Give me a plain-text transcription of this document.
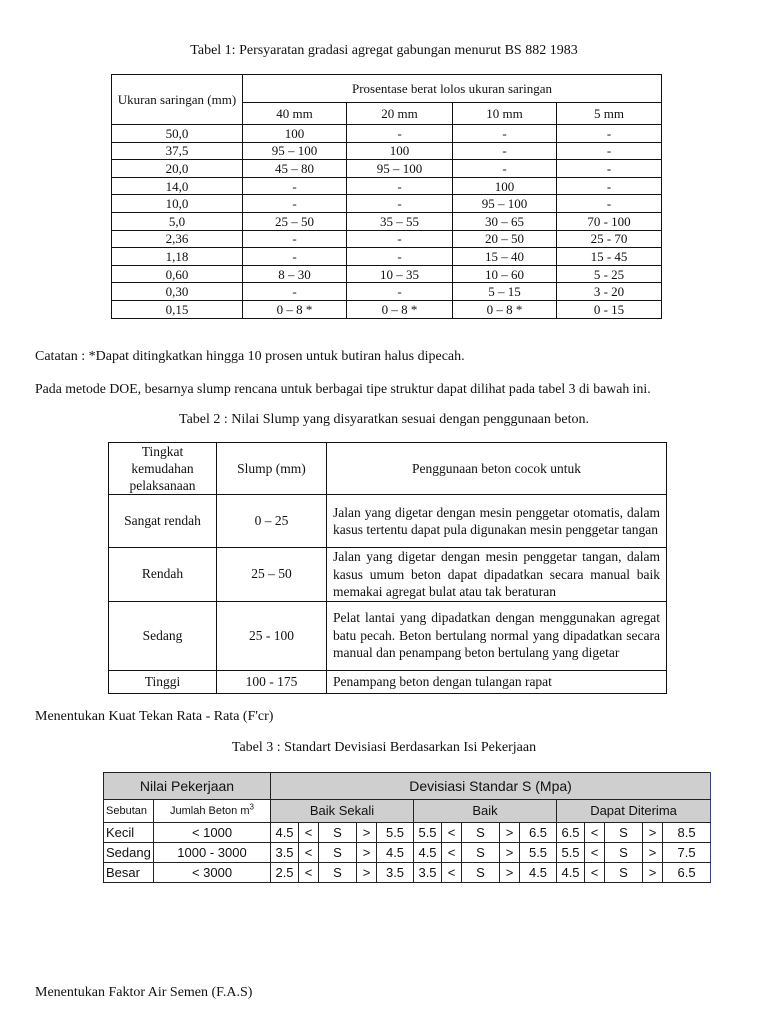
Tabel 1: Persyaratan gradasi agregat gabungan menurut BS 882 1983
Ukuran saringan (mm)	Prosentase berat lolos ukuran saringan			
	40 mm	20 mm	10 mm	5 mm
50,0	100	-	-	-
37,5	95 – 100	100	-	-
20,0	45 – 80	95 – 100	-	-
14,0	-	-	100	-
10,0	-	-	95 – 100	-
5,0	25 – 50	35 – 55	30 – 65	70 - 100
2,36	-	-	20 – 50	25 - 70
1,18	-	-	15 – 40	15 - 45
0,60	8 – 30	10 – 35	10 – 60	5 - 25
0,30	-	-	5 – 15	3 - 20
0,15	0 – 8 *	0 – 8 *	0 – 8 *	0 - 15
Catatan : *Dapat ditingkatkan hingga 10 prosen untuk butiran halus dipecah.
Pada metode DOE, besarnya slump rencana untuk berbagai tipe struktur dapat dilihat pada tabel 3 di bawah ini.
Tabel 2 : Nilai Slump yang disyaratkan sesuai dengan penggunaan beton.
Tingkat kemudahan pelaksanaan	Slump (mm)	Penggunaan beton cocok untuk
Sangat rendah	0 – 25	Jalan yang digetar dengan mesin penggetar otomatis, dalam kasus tertentu dapat pula digunakan mesin penggetar tangan
Rendah	25 – 50	Jalan yang digetar dengan mesin penggetar tangan, dalam kasus umum beton dapat dipadatkan secara manual baik memakai agregat bulat atau tak beraturan
Sedang	25 - 100	Pelat lantai yang dipadatkan dengan menggunakan agregat batu pecah. Beton bertulang normal yang dipadatkan secara manual dan penampang beton bertulang yang digetar
Tinggi	100 - 175	Penampang beton dengan tulangan rapat
Menentukan Kuat Tekan Rata - Rata (F'cr)
Tabel 3 : Standart Devisiasi Berdasarkan Isi Pekerjaan
Nilai Pekerjaan		Devisiasi Standar S (Mpa)														
Sebutan	Jumlah Beton $m^3$	Baik Sekali					Baik					Dapat Diterima				
Kecil	< 1000	4.5	<	S	>	5.5	5.5	<	S	>	6.5	6.5	<	S	>	8.5
Sedang	1000 - 3000	3.5	<	S	>	4.5	4.5	<	S	>	5.5	5.5	<	S	>	7.5
Besar	< 3000	2.5	<	S	>	3.5	3.5	<	S	>	4.5	4.5	<	S	>	6.5
Menentukan Faktor Air Semen (F.A.S)
